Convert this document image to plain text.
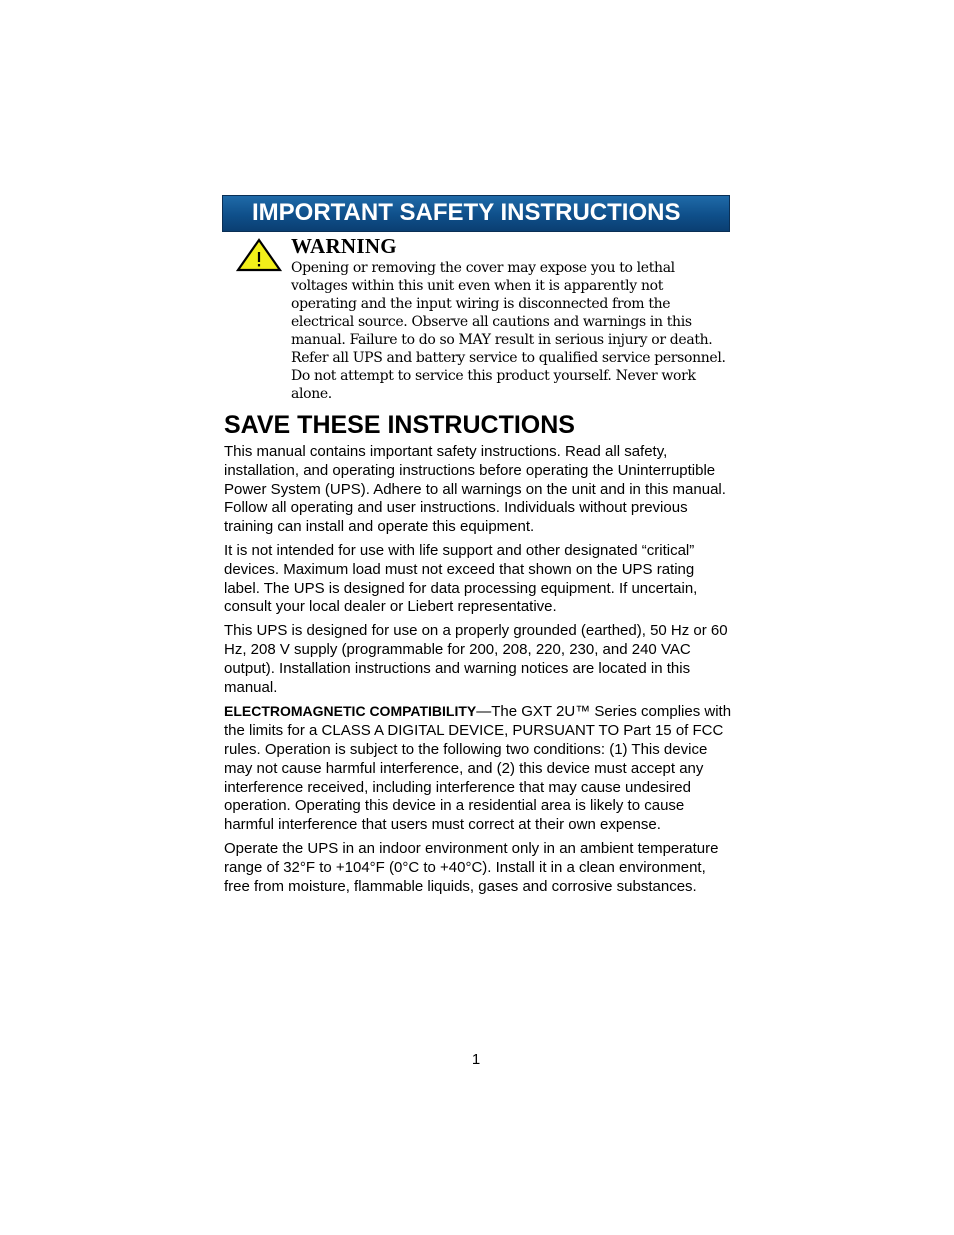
IMPORTANT SAFETY INSTRUCTIONS
WARNING

Opening or removing the cover may expose you to lethal voltages within this unit even when it is apparently not operating and the input wiring is disconnected from the electrical source. Observe all cautions and warnings in this manual. Failure to do so MAY result in serious injury or death. Refer all UPS and battery service to qualified service personnel. Do not attempt to service this product yourself. Never work alone.

SAVE THESE INSTRUCTIONS

This manual contains important safety instructions. Read all safety, installation, and operating instructions before operating the Uninterruptible Power System (UPS). Adhere to all warnings on the unit and in this manual. Follow all operating and user instructions. Individuals without previous training can install and operate this equipment.

It is not intended for use with life support and other designated “critical” devices. Maximum load must not exceed that shown on the UPS rating label. The UPS is designed for data processing equipment. If uncertain, consult your local dealer or Liebert representative.

This UPS is designed for use on a properly grounded (earthed), 50 Hz or 60 Hz, 208 V supply (programmable for 200, 208, 220, 230, and 240 VAC output). Installation instructions and warning notices are located in this manual.

ELECTROMAGNETIC COMPATIBILITY—The GXT 2U™ Series complies with the limits for a CLASS A DIGITAL DEVICE, PURSUANT TO Part 15 of FCC rules. Operation is subject to the following two conditions: (1) This device may not cause harmful interference, and (2) this device must accept any interference received, including interference that may cause undesired operation. Operating this device in a residential area is likely to cause harmful interference that users must correct at their own expense.

Operate the UPS in an indoor environment only in an ambient temperature range of 32°F to +104°F (0°C to +40°C). Install it in a clean environment, free from moisture, flammable liquids, gases and corrosive substances.

1
